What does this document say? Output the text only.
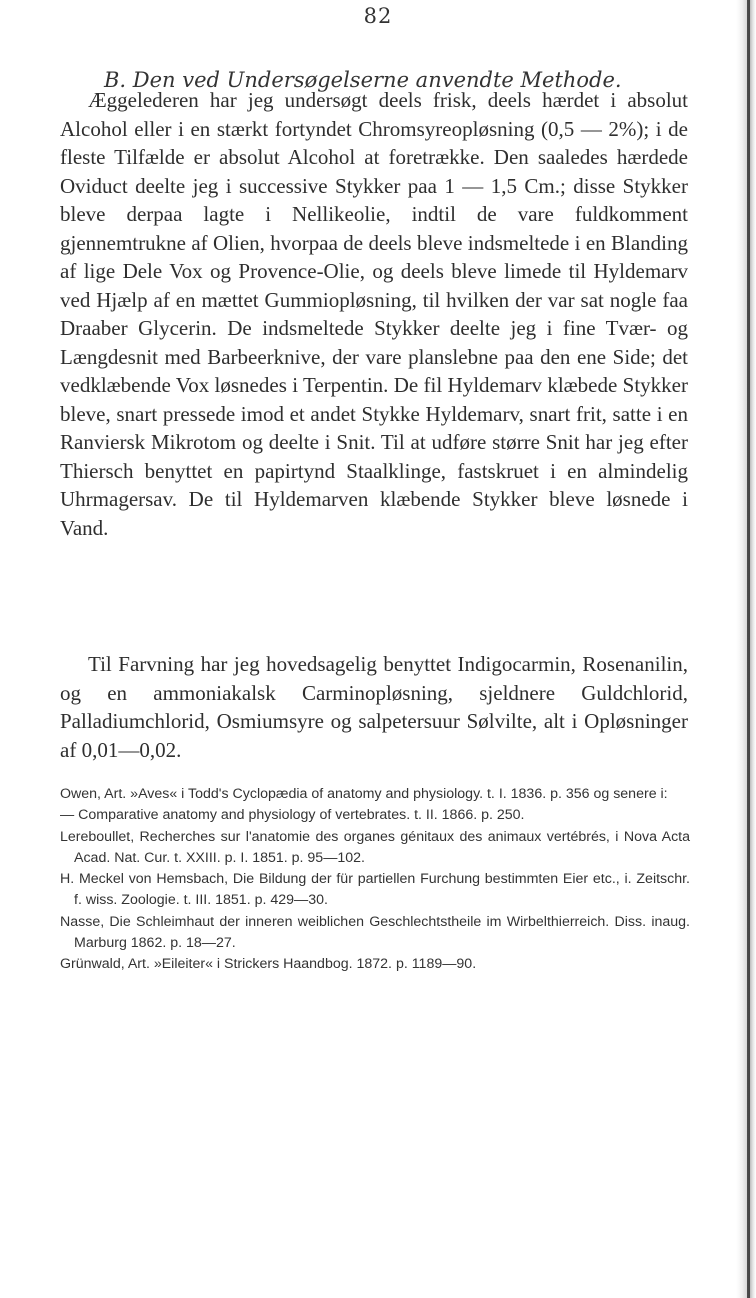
82
B. Den ved Undersøgelserne anvendte Methode.

Æggelederen har jeg undersøgt deels frisk, deels hærdet i absolut Alcohol eller i en stærkt fortyndet Chromsyreopløsning (0,5 — 2%); i de fleste Tilfælde er absolut Alcohol at foretrække. Den saaledes hærdede Oviduct deelte jeg i successive Stykker paa 1 — 1,5 Cm.; disse Stykker bleve derpaa lagte i Nellikeolie, indtil de vare fuldkomment gjennemtrukne af Olien, hvorpaa de deels bleve indsmeltede i en Blanding af lige Dele Vox og Provence-Olie, og deels bleve limede til Hyldemarv ved Hjælp af en mættet Gummiopløsning, til hvilken der var sat nogle faa Draaber Glycerin. De indsmeltede Stykker deelte jeg i fine Tvær- og Længdesnit med Barbeerknive, der vare planslebne paa den ene Side; det vedklæbende Vox løsnedes i Terpentin. De fil Hyldemarv klæbede Stykker bleve, snart pressede imod et andet Stykke Hyldemarv, snart frit, satte i en Ranviersk Mikrotom og deelte i Snit. Til at udføre større Snit har jeg efter Thiersch benyttet en papirtynd Staalklinge, fastskruet i en almindelig Uhrmagersav. De til Hyldemarven klæbende Stykker bleve løsnede i Vand.

Til Farvning har jeg hovedsagelig benyttet Indigocarmin, Rosenanilin, og en ammoniakalsk Carminopløsning, sjeldnere Guldchlorid, Palladiumchlorid, Osmiumsyre og salpetersuur Sølvilte, alt i Opløsninger af 0,01—0,02.

Owen, Art. »Aves« i Todd's Cyclopædia of anatomy and physiology. t. I. 1836. p. 356 og senere i:

— Comparative anatomy and physiology of vertebrates. t. II. 1866. p. 250.

Lereboullet, Recherches sur l'anatomie des organes génitaux des animaux vertébrés, i Nova Acta Acad. Nat. Cur. t. XXIII. p. I. 1851. p. 95—102.

H. Meckel von Hemsbach, Die Bildung der für partiellen Furchung bestimmten Eier etc., i. Zeitschr. f. wiss. Zoologie. t. III. 1851. p. 429—30.

Nasse, Die Schleimhaut der inneren weiblichen Geschlechtstheile im Wirbelthierreich. Diss. inaug. Marburg 1862. p. 18—27.

Grünwald, Art. »Eileiter« i Strickers Haandbog. 1872. p. 1189—90.
